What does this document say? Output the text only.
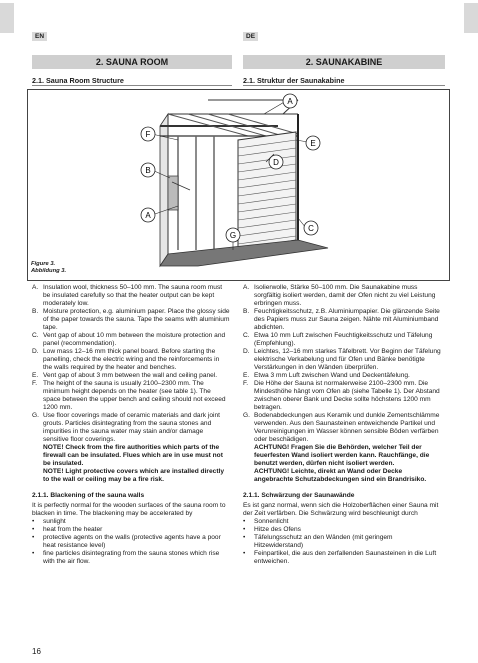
EN	DE
2. SAUNA ROOM	2. SAUNAKABINE
2.1. Sauna Room Structure	2.1. Struktur der Saunakabine
A
F
E
D
B
A
C
G
Figure 3.
Abbildung 3.
A. Insulation wool, thickness 50–100 mm. The sauna room must be insulated carefully so that the heater output can be kept moderately low.
B. Moisture protection, e.g. aluminium paper. Place the glossy side of the paper towards the sauna. Tape the seams with aluminium tape.
C. Vent gap of about 10 mm between the moisture protection and panel (recommendation).
D. Low mass 12–16 mm thick panel board. Before starting the panelling, check the electric wiring and the reinforcements in the walls required by the heater and benches.
E. Vent gap of about 3 mm between the wall and ceiling panel.
F. The height of the sauna is usually 2100–2300 mm. The minimum height depends on the heater (see table 1). The space between the upper bench and ceiling should not exceed 1200 mm.
G. Use floor coverings made of ceramic materials and dark joint grouts. Particles disintegrating from the sauna stones and impurities in the sauna water may stain and/or damage sensitive floor coverings.
NOTE! Check from the fire authorities which parts of the firewall can be insulated. Flues which are in use must not be insulated.
NOTE! Light protective covers which are installed directly to the wall or ceiling may be a fire risk.
2.1.1. Blackening of the sauna walls
It is perfectly normal for the wooden surfaces of the sauna room to blacken in time. The blackening may be accelerated by
•	sunlight
•	heat from the heater
•	protective agents on the walls (protective agents have a poor heat resistance level)
•	fine particles disintegrating from the sauna stones which rise with the air flow.
A. Isolierwolle, Stärke 50–100 mm. Die Saunakabine muss sorgfältig isoliert werden, damit der Ofen nicht zu viel Leistung erbringen muss.
B. Feuchtigkeitsschutz, z.B. Aluminiumpapier. Die glänzende Seite des Papiers muss zur Sauna zeigen. Nähte mit Aluminiumband abdichten.
C. Etwa 10 mm Luft zwischen Feuchtigkeitsschutz und Täfelung (Empfehlung).
D. Leichtes, 12–16 mm starkes Täfelbrett. Vor Beginn der Täfelung elektrische Verkabelung und für Ofen und Bänke benötigte Verstärkungen in den Wänden überprüfen.
E. Etwa 3 mm Luft zwischen Wand und Deckentäfelung.
F. Die Höhe der Sauna ist normalerweise 2100–2300 mm. Die Mindesthöhe hängt vom Ofen ab (siehe Tabelle 1). Der Abstand zwischen oberer Bank und Decke sollte höchstens 1200 mm betragen.
G. Bodenabdeckungen aus Keramik und dunkle Zementschlämme verwenden. Aus den Saunasteinen entweichende Partikel und Verunreinigungen im Wasser können sensible Böden verfärben oder beschädigen.
ACHTUNG! Fragen Sie die Behörden, welcher Teil der feuerfesten Wand isoliert werden kann. Rauchfänge, die benutzt werden, dürfen nicht isoliert werden.
ACHTUNG! Leichte, direkt an Wand oder Decke angebrachte Schutzabdeckungen sind ein Brandrisiko.
2.1.1. Schwärzung der Saunawände
Es ist ganz normal, wenn sich die Holzoberflächen einer Sauna mit der Zeit verfärben. Die Schwärzung wird beschleunigt durch
•	Sonnenlicht
•	Hitze des Ofens
•	Täfelungsschutz an den Wänden (mit geringem Hitzewiderstand)
•	Feinpartikel, die aus den zerfallenden Saunasteinen in die Luft entweichen.
16
